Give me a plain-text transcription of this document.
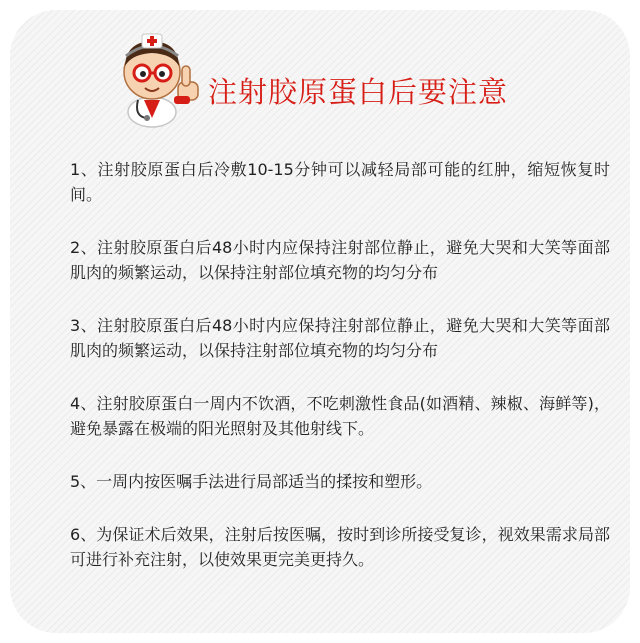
注射胶原蛋白后要注意

1、注射胶原蛋白后冷敷10-15分钟可以减轻局部可能的红肿，缩短恢复时间。

2、注射胶原蛋白后48小时内应保持注射部位静止，避免大哭和大笑等面部肌肉的频繁运动，以保持注射部位填充物的均匀分布

3、注射胶原蛋白后48小时内应保持注射部位静止，避免大哭和大笑等面部肌肉的频繁运动，以保持注射部位填充物的均匀分布

4、注射胶原蛋白一周内不饮酒，不吃刺激性食品(如酒精、辣椒、海鲜等)，避免暴露在极端的阳光照射及其他射线下。

5、一周内按医嘱手法进行局部适当的揉按和塑形。

6、为保证术后效果，注射后按医嘱，按时到诊所接受复诊，视效果需求局部可进行补充注射，以使效果更完美更持久。
